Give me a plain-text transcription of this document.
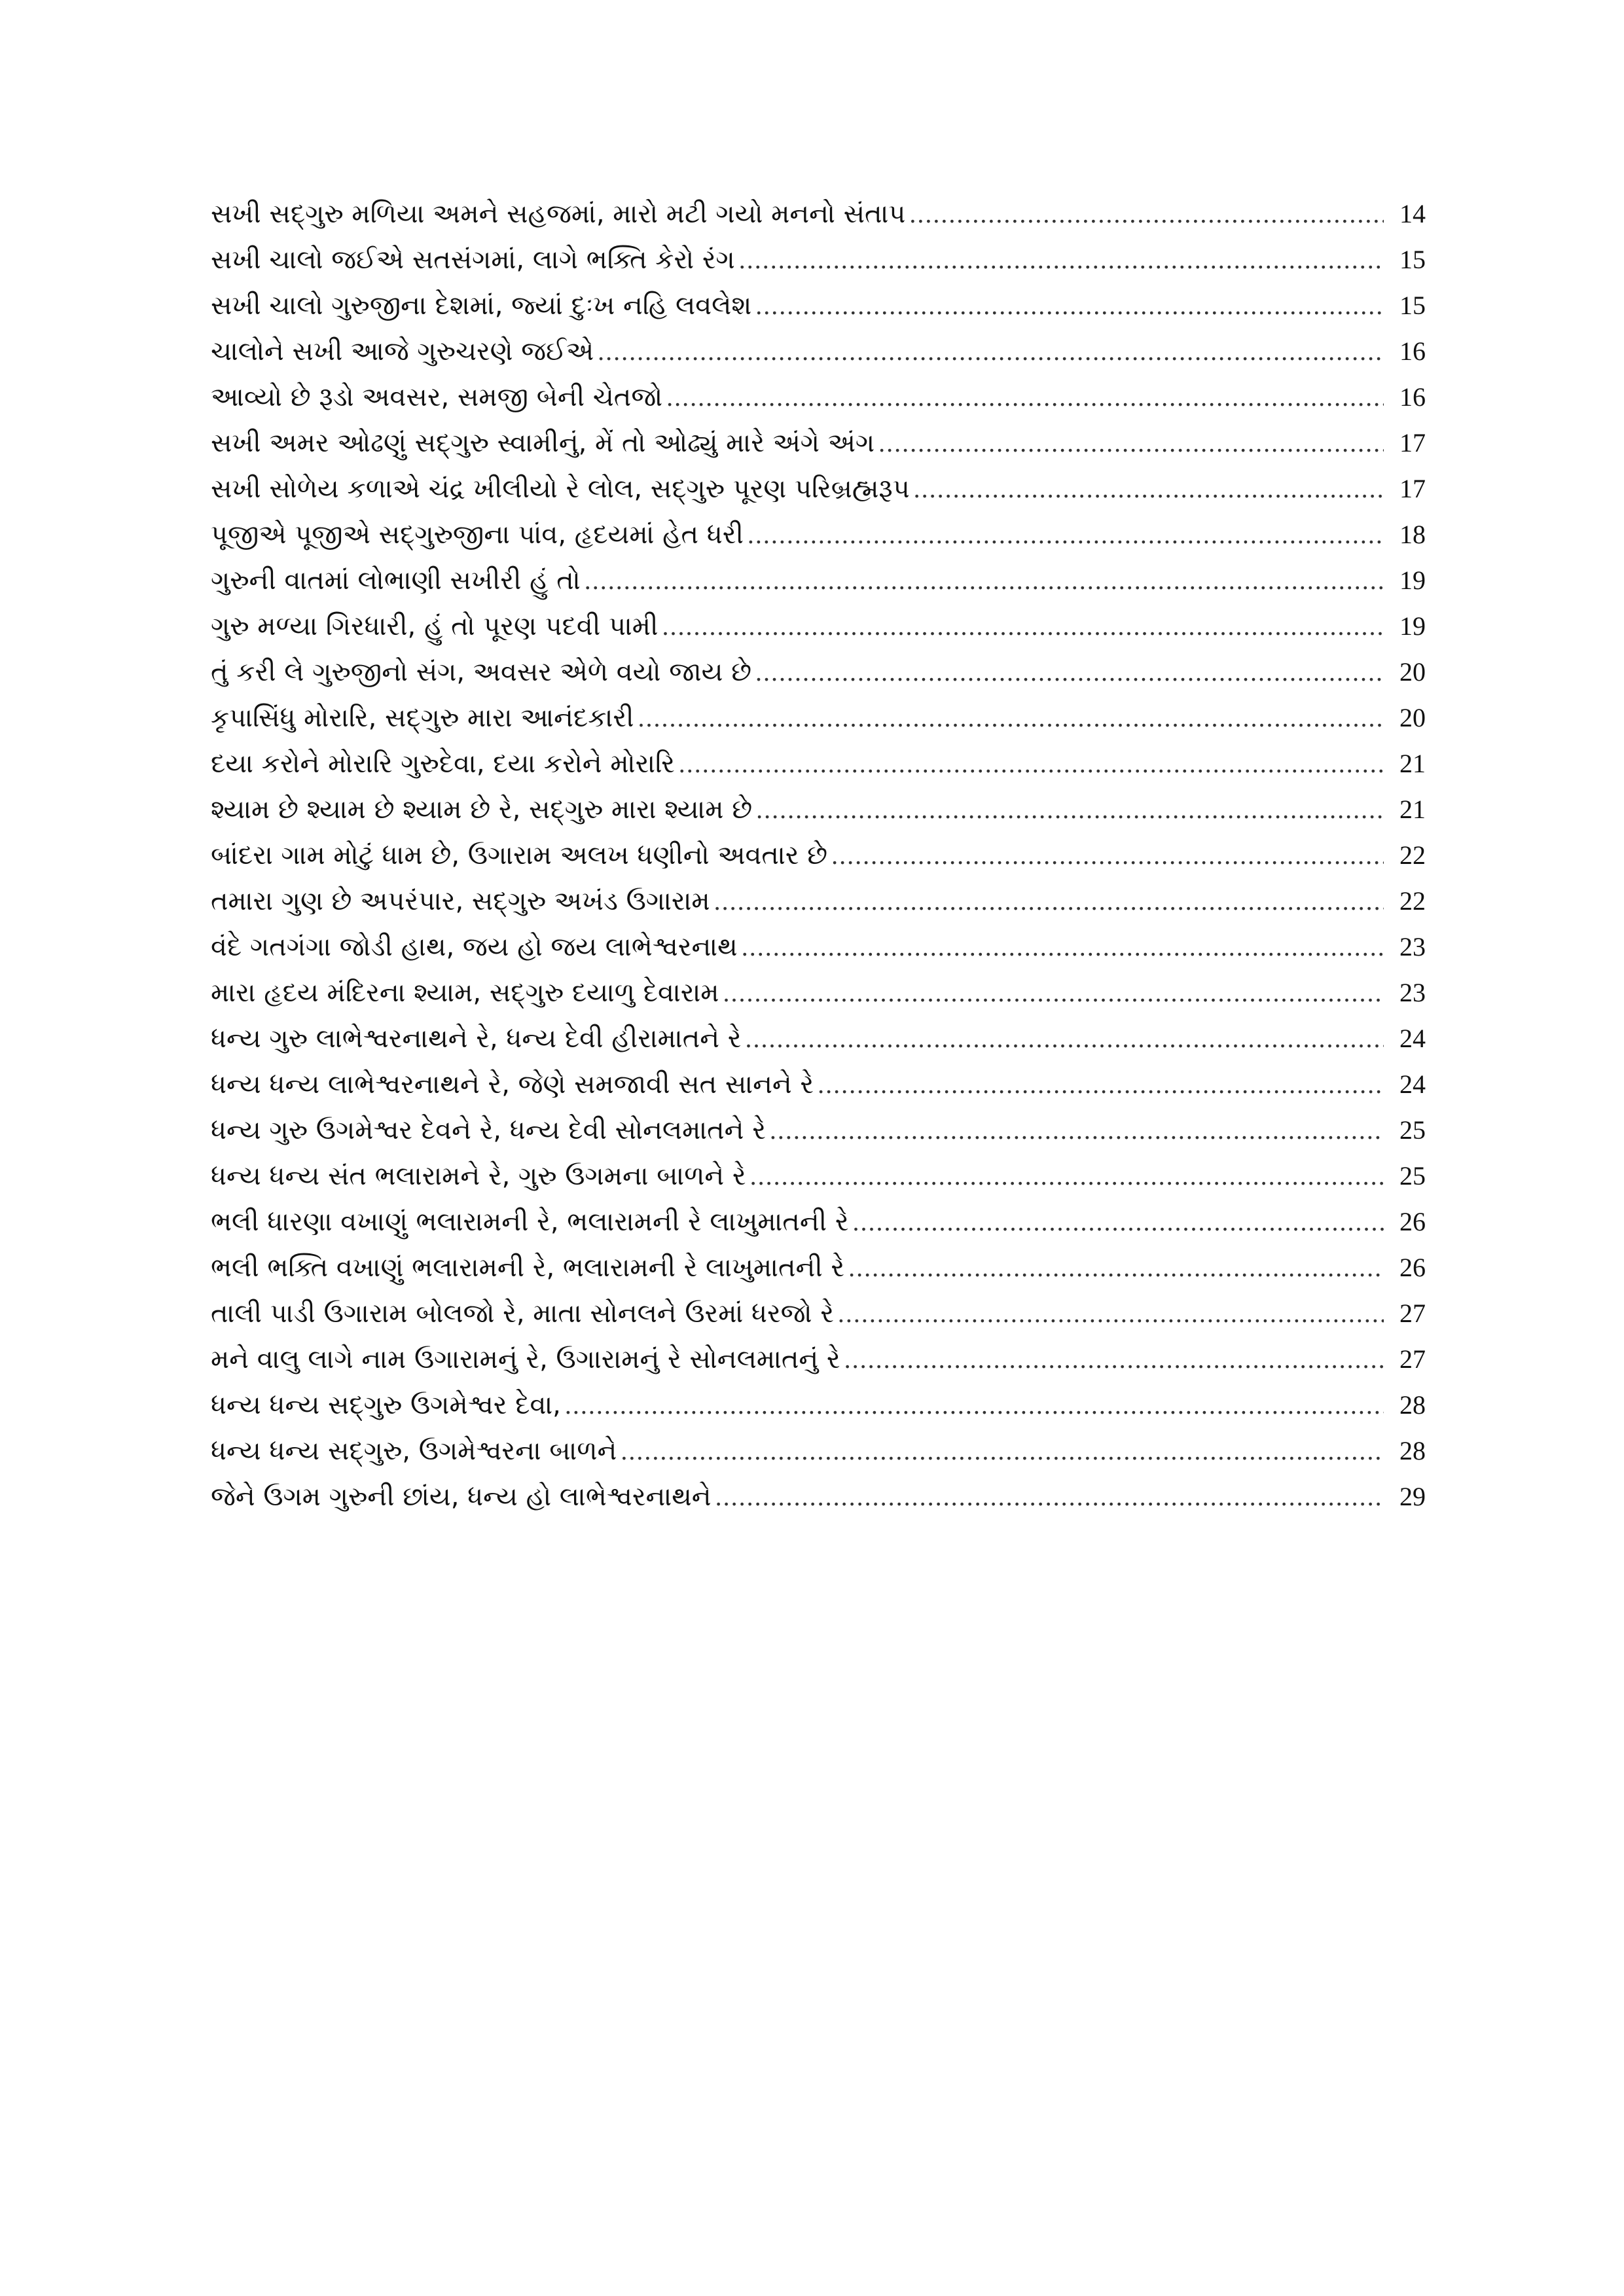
સખી સદ્‍ગુરુ મળિયા અમને સહજમાં, મારો મટી ગયો મનનો સંતાપ .....	14
સખી ચાલો જઈએ સતસંગમાં, લાગે ભક્તિ કેરો રંગ .....	15
સખી ચાલો ગુરુજીના દેશમાં, જ્યાં દુઃખ નહિ લવલેશ .....	15
ચાલોને સખી આજે ગુરુચરણે જઈએ .....	16
આવ્યો છે રૂડો અવસર, સમજી બેની ચેતજો .....	16
સખી અમર ઓઢણું સદ્‍ગુરુ સ્વામીનું, મેં તો ઓઢ્યું મારે અંગે અંગ .....	17
સખી સોળેય કળાએ ચંદ્ર ખીલીયો રે લોલ, સદ્‍ગુરુ પૂરણ પરિબ્રહ્મરૂપ .....	17
પૂજીએ પૂજીએ સદ્‍ગુરુજીના પાંવ, હૃદયમાં હેત ધરી .....	18
ગુરુની વાતમાં લોભાણી સખીરી હું તો .....	19
ગુરુ મળ્યા ગિરધારી, હું તો પૂરણ પદવી પામી .....	19
તું કરી લે ગુરુજીનો સંગ, અવસર એળે વયો જાય છે .....	20
કૃપાસિંધુ મોરારિ, સદ્‍ગુરુ મારા આનંદકારી .....	20
દયા કરોને મોરારિ ગુરુદેવા, દયા કરોને મોરારિ .....	21
શ્યામ છે શ્યામ છે શ્યામ છે રે, સદ્‍ગુરુ મારા શ્યામ છે .....	21
બાંદરા ગામ મોટું ધામ છે, ઉગારામ અલખ ધણીનો અવતાર છે .....	22
તમારા ગુણ છે અપરંપાર, સદ્‍ગુરુ અખંડ ઉગારામ .....	22
વંદે ગતગંગા જોડી હાથ, જય હો જય લાભેશ્વરનાથ .....	23
મારા હૃદય મંદિરના શ્યામ, સદ્‍ગુરુ દયાળુ દેવારામ .....	23
ધન્ય ગુરુ લાભેશ્વરનાથને રે, ધન્ય દેવી હીરામાતને રે .....	24
ધન્ય ધન્ય લાભેશ્વરનાથને રે, જેણે સમજાવી સત સાનને રે .....	24
ધન્ય ગુરુ ઉગમેશ્વર દેવને રે, ધન્ય દેવી સોનલમાતને રે .....	25
ધન્ય ધન્ય સંત ભલારામને રે, ગુરુ ઉગમના બાળને રે .....	25
ભલી ધારણા વખાણું ભલારામની રે, ભલારામની રે લાખુમાતની રે .....	26
ભલી ભક્તિ વખાણું ભલારામની રે, ભલારામની રે લાખુમાતની રે .....	26
તાલી પાડી ઉગારામ બોલજો રે, માતા સોનલને ઉરમાં ધરજો રે .....	27
મને વાલુ લાગે નામ ઉગારામનું રે, ઉગારામનું રે સોનલમાતનું રે .....	27
ધન્ય ધન્ય સદ્‍ગુરુ ઉગમેશ્વર દેવા, .....	28
ધન્ય ધન્ય સદ્‍ગુરુ, ઉગમેશ્વરના બાળને .....	28
જેને ઉગમ ગુરુની છાંય, ધન્ય હો લાભેશ્વરનાથને .....	29
